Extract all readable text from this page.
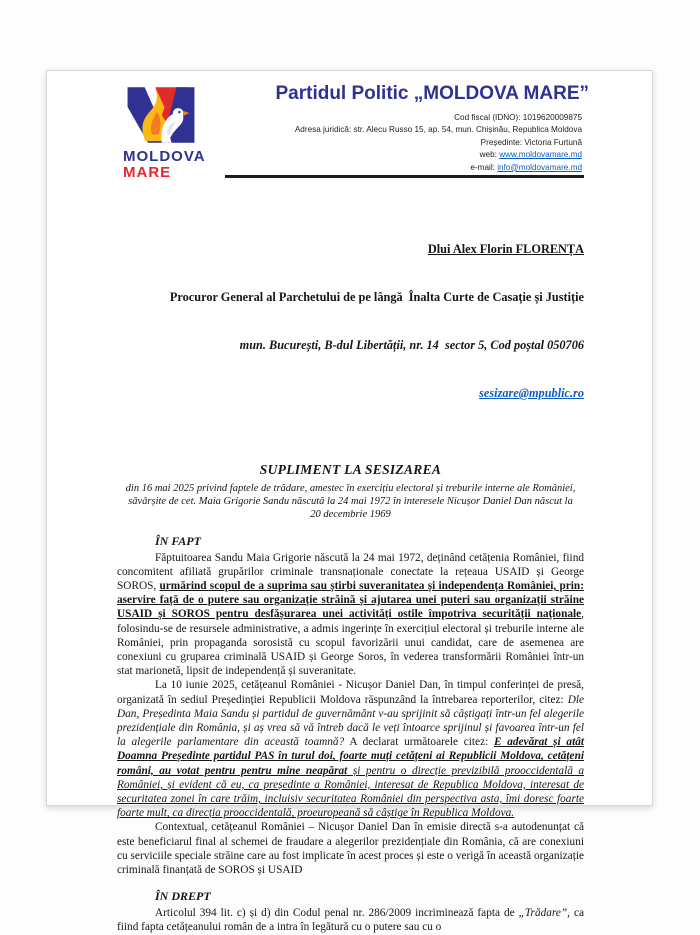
MOLDOVA
MARE
Partidul Politic „MOLDOVA MARE”
Cod fiscal (IDNO): 1019620009875
Adresa juridică: str. Alecu Russo 15, ap. 54, mun. Chișinău, Republica Moldova
Președinte: Victoria Furtună
web: www.moldovamare.md
e-mail: info@moldovamare.md

Dlui Alex Florin FLORENȚA

Procuror General al Parchetului de pe lângă  Înalta Curte de Casație și Justiție

mun. București, B-dul Libertății, nr. 14  sector 5, Cod poștal 050706

sesizare@mpublic.ro

SUPLIMENT LA SESIZAREA
din 16 mai 2025 privind faptele de trădare, amestec în exercițiu electoral și treburile interne ale României, săvârșite de cet. Maia Grigorie Sandu născută la 24 mai 1972 în interesele Nicușor Daniel Dan născut la 20 decembrie 1969
ÎN FAPT

Făptuitoarea Sandu Maia Grigorie născută la 24 mai 1972, deținând cetățenia României, fiind concomitent afiliată grupărilor criminale transnaționale conectate la rețeaua USAID și George SOROS, urmărind scopul de a suprima sau știrbi suveranitatea și independența României, prin: aservire față de o putere sau organizație străină și ajutarea unei puteri sau organizații străine USAID și SOROS pentru desfășurarea unei activități ostile împotriva securității naționale, folosindu-se de resursele administrative, a admis ingerințe în exercițiul electoral și treburile interne ale României, prin propaganda sorosistă cu scopul favorizării unui candidat, care de asemenea are conexiuni cu gruparea criminală USAID și George Soros, în vederea transformării României într-un stat marionetă, lipsit de independență și suveranitate.

La 10 iunie 2025, cetățeanul României - Nicușor Daniel Dan, în timpul conferinței de presă, organizată în sediul Președinției Republicii Moldova răspunzând la întrebarea reporterilor, citez: Dle Dan, Președinta Maia Sandu și partidul de guvernământ v-au sprijinit să câștigați într-un fel alegerile prezidențiale din România, și aș vrea să vă întreb dacă le veți întoarce sprijinul și favoarea într-un fel la alegerile parlamentare din această toamnă? A declarat următoarele citez: E adevărat și atât Doamna Președinte partidul PAS în turul doi, foarte muți cetățeni ai Republicii Moldova, cetățeni români, au votat pentru pentru mine neapărat și pentru o direcție previzibilă prooccidentală a României, și evident că eu, ca președinte a României, interesat de Republica Moldova, interesat de securitatea zonei în care trăim, incluisiv securitatea României din perspectiva asta, îmi doresc foarte foarte mult, ca direcția prooccidentală, proeuropeană să câștige în Republica Moldova.

Contextual, cetățeanul României – Nicușor Daniel Dan în emisie directă s-a autodenunțat că este beneficiarul final al schemei de fraudare a alegerilor prezidențiale din România, că are conexiuni cu serviciile speciale străine care au fost implicate în acest proces și este o verigă în această organizație criminală finanțată de SOROS și USAID

ÎN DREPT

Articolul 394 lit. c) și d) din Codul penal nr. 286/2009 incriminează fapta de „Trădare”, ca fiind fapta cetățeanului român de a intra în legătură cu o putere sau cu o
